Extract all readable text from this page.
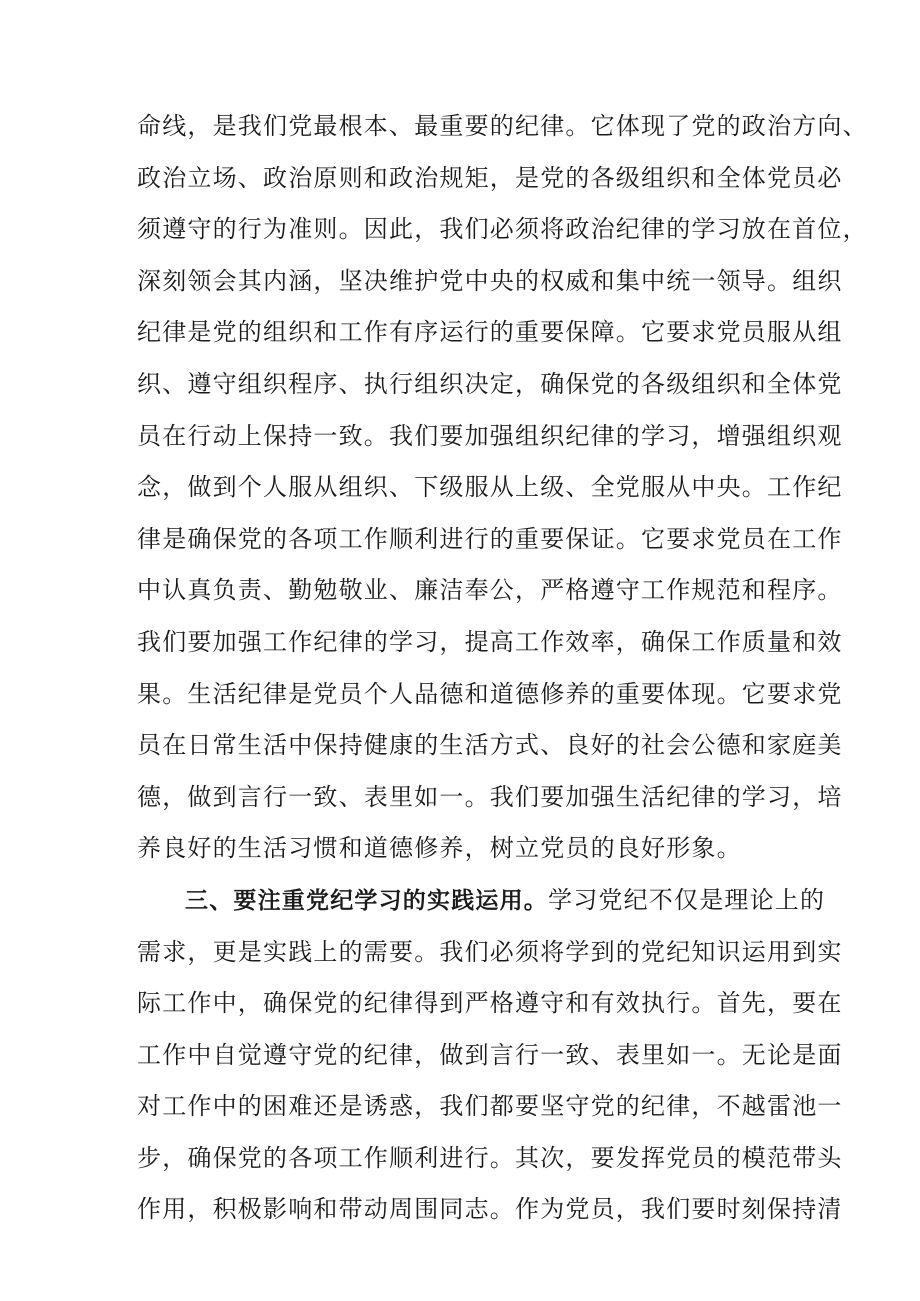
命线，是我们党最根本、最重要的纪律。它体现了党的政治方向、
政治立场、政治原则和政治规矩，是党的各级组织和全体党员必
须遵守的行为准则。因此，我们必须将政治纪律的学习放在首位，
深刻领会其内涵，坚决维护党中央的权威和集中统一领导。组织
纪律是党的组织和工作有序运行的重要保障。它要求党员服从组
织、遵守组织程序、执行组织决定，确保党的各级组织和全体党
员在行动上保持一致。我们要加强组织纪律的学习，增强组织观
念，做到个人服从组织、下级服从上级、全党服从中央。工作纪
律是确保党的各项工作顺利进行的重要保证。它要求党员在工作
中认真负责、勤勉敬业、廉洁奉公，严格遵守工作规范和程序。
我们要加强工作纪律的学习，提高工作效率，确保工作质量和效
果。生活纪律是党员个人品德和道德修养的重要体现。它要求党
员在日常生活中保持健康的生活方式、良好的社会公德和家庭美
德，做到言行一致、表里如一。我们要加强生活纪律的学习，培
养良好的生活习惯和道德修养，树立党员的良好形象。
三、要注重党纪学习的实践运用。学习党纪不仅是理论上的
需求，更是实践上的需要。我们必须将学到的党纪知识运用到实
际工作中，确保党的纪律得到严格遵守和有效执行。首先，要在
工作中自觉遵守党的纪律，做到言行一致、表里如一。无论是面
对工作中的困难还是诱惑，我们都要坚守党的纪律，不越雷池一
步，确保党的各项工作顺利进行。其次，要发挥党员的模范带头
作用，积极影响和带动周围同志。作为党员，我们要时刻保持清
